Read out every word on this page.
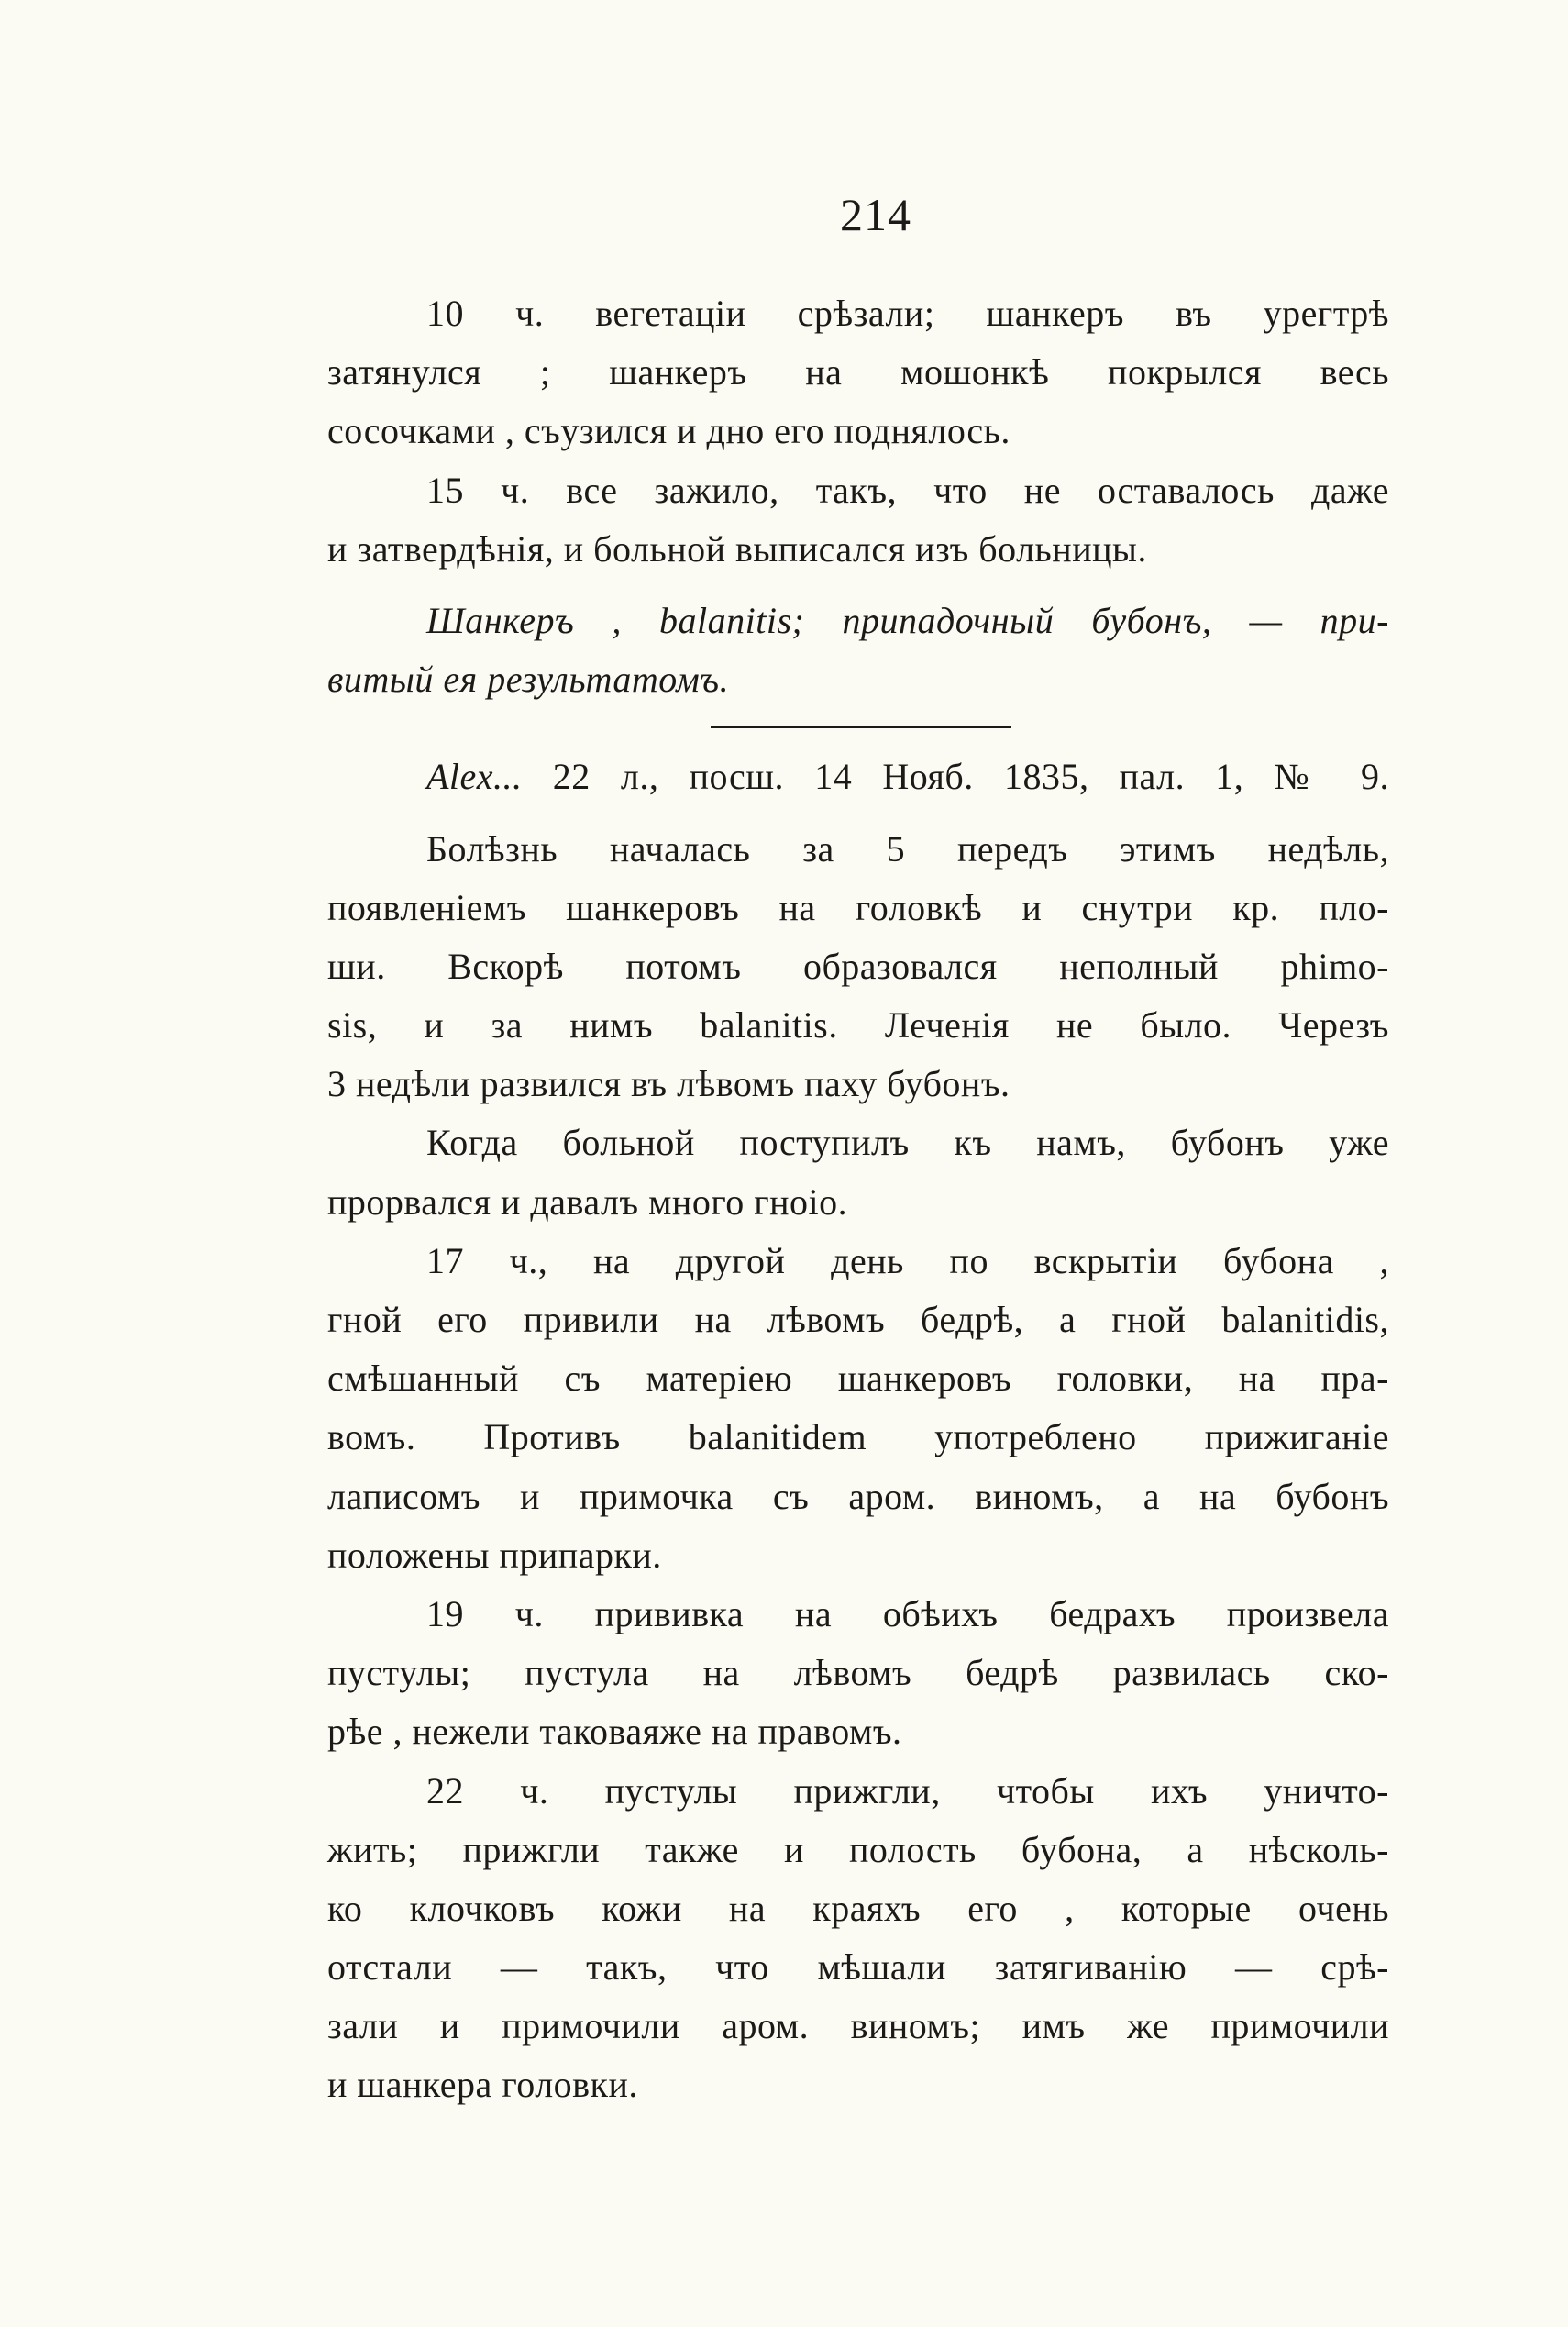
214
10 ч. вегетаціи срѣзали; шанкеръ въ урегтрѣ
затянулся ; шанкеръ на мошонкѣ покрылся весь
сосочками , съузился и дно его поднялось.
15 ч. все зажило, такъ, что не оставалось даже
и затвердѣнія, и больной выписался изъ больницы.
Шанкеръ , balanitis; припадочный бубонъ, — при-
витый ея результатомъ.
Alex... 22 л., посш. 14 Нояб. 1835, пал. 1, № 9.
Болѣзнь началась за 5 передъ этимъ недѣль,
появленіемъ шанкеровъ на головкѣ и снутри кр. пло-
ши. Вскорѣ потомъ образовался неполный phimo-
sis, и за нимъ balanitis. Леченія не было. Черезъ
3 недѣли развился въ лѣвомъ паху бубонъ.
Когда больной поступилъ къ намъ, бубонъ уже
прорвался и давалъ много гноіо.
17 ч., на другой день по вскрытіи бубона ,
гной его привили на лѣвомъ бедрѣ, а гной balanitidis,
смѣшанный съ матеріею шанкеровъ головки, на пра-
вомъ. Противъ balanitidem употреблено прижиганіе
лаписомъ и примочка съ аром. виномъ, а на бубонъ
положены припарки.
19 ч. прививка на обѣихъ бедрахъ произвела
пустулы; пустула на лѣвомъ бедрѣ развилась ско-
рѣе , нежели таковаяже на правомъ.
22 ч. пустулы прижгли, чтобы ихъ уничто-
жить; прижгли также и полость бубона, а нѣсколь-
ко клочковъ кожи на краяхъ его , которые очень
отстали — такъ, что мѣшали затягиванію — срѣ-
зали и примочили аром. виномъ; имъ же примочили
и шанкера головки.
